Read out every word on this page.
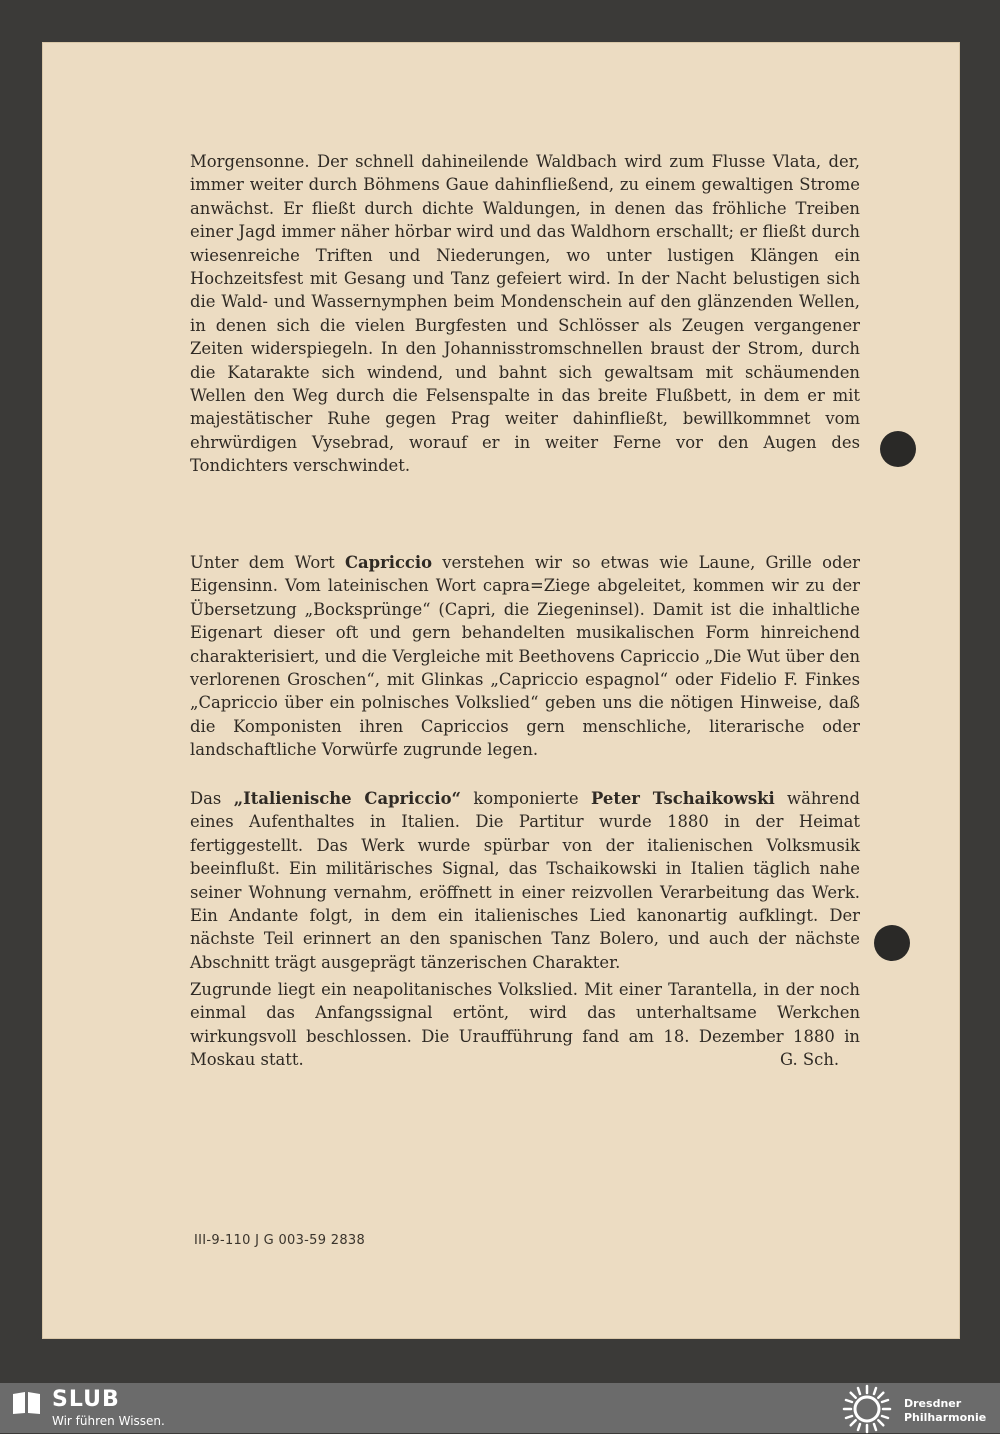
Morgensonne. Der schnell dahineilende Waldbach wird zum Flusse Vlata, der, immer weiter durch Böhmens Gaue dahinfließend, zu einem gewaltigen Strome anwächst. Er fließt durch dichte Waldungen, in denen das fröhliche Treiben einer Jagd immer näher hörbar wird und das Waldhorn erschallt; er fließt durch wiesenreiche Triften und Niederungen, wo unter lustigen Klängen ein Hochzeitsfest mit Gesang und Tanz gefeiert wird. In der Nacht belustigen sich die Wald- und Wassernymphen beim Mondenschein auf den glänzenden Wellen, in denen sich die vielen Burgfesten und Schlösser als Zeugen vergangener Zeiten widerspiegeln. In den Johannisstromschnellen braust der Strom, durch die Katarakte sich windend, und bahnt sich gewaltsam mit schäumenden Wellen den Weg durch die Felsenspalte in das breite Flußbett, in dem er mit majestätischer Ruhe gegen Prag weiter dahinfließt, bewillkommnet vom ehrwürdigen Vysebrad, worauf er in weiter Ferne vor den Augen des Tondichters verschwindet.

Unter dem Wort Capriccio verstehen wir so etwas wie Laune, Grille oder Eigensinn. Vom lateinischen Wort capra=Ziege abgeleitet, kommen wir zu der Übersetzung „Bocksprünge“ (Capri, die Ziegeninsel). Damit ist die inhaltliche Eigenart dieser oft und gern behandelten musikalischen Form hinreichend charakterisiert, und die Vergleiche mit Beethovens Capriccio „Die Wut über den verlorenen Groschen“, mit Glinkas „Capriccio espagnol“ oder Fidelio F. Finkes „Capriccio über ein polnisches Volkslied“ geben uns die nötigen Hinweise, daß die Komponisten ihren Capriccios gern menschliche, literarische oder landschaftliche Vorwürfe zugrunde legen.

Das „Italienische Capriccio“ komponierte Peter Tschaikowski während eines Aufenthaltes in Italien. Die Partitur wurde 1880 in der Heimat fertiggestellt. Das Werk wurde spürbar von der italienischen Volksmusik beeinflußt. Ein militärisches Signal, das Tschaikowski in Italien täglich nahe seiner Wohnung vernahm, eröffnett in einer reizvollen Verarbeitung das Werk. Ein Andante folgt, in dem ein italienisches Lied kanonartig aufklingt. Der nächste Teil erinnert an den spanischen Tanz Bolero, und auch der nächste Abschnitt trägt ausgeprägt tänzerischen Charakter.

Zugrunde liegt ein neapolitanisches Volkslied. Mit einer Tarantella, in der noch einmal das Anfangssignal ertönt, wird das unterhaltsame Werkchen wirkungsvoll beschlossen. Die Uraufführung fand am 18. Dezember 1880 in Moskau statt.	G. Sch.
III-9-110 J G 003-59 2838
SLUB
Wir führen Wissen.
Dresdner
Philharmonie
